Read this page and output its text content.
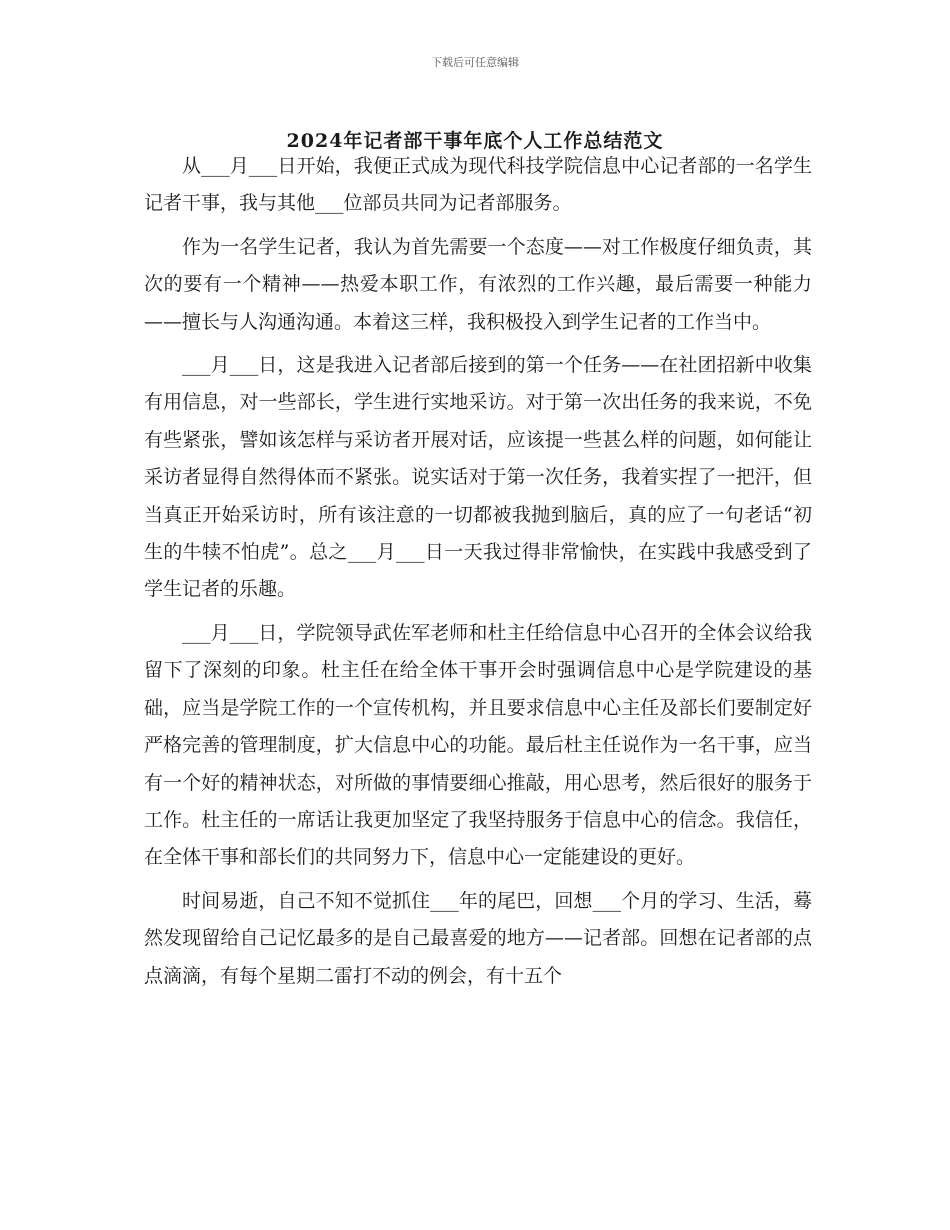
下载后可任意编辑
2024年记者部干事年底个人工作总结范文

从___月___日开始，我便正式成为现代科技学院信息中心记者部的一名学生记者干事，我与其他___位部员共同为记者部服务。

作为一名学生记者，我认为首先需要一个态度——对工作极度仔细负责，其次的要有一个精神——热爱本职工作，有浓烈的工作兴趣，最后需要一种能力——擅长与人沟通沟通。本着这三样，我积极投入到学生记者的工作当中。

___月___日，这是我进入记者部后接到的第一个任务——在社团招新中收集有用信息，对一些部长，学生进行实地采访。对于第一次出任务的我来说，不免有些紧张，譬如该怎样与采访者开展对话，应该提一些甚么样的问题，如何能让采访者显得自然得体而不紧张。说实话对于第一次任务，我着实捏了一把汗，但当真正开始采访时，所有该注意的一切都被我抛到脑后，真的应了一句老话“初生的牛犊不怕虎”。总之___月___日一天我过得非常愉快，在实践中我感受到了学生记者的乐趣。

___月___日，学院领导武佐军老师和杜主任给信息中心召开的全体会议给我留下了深刻的印象。杜主任在给全体干事开会时强调信息中心是学院建设的基础，应当是学院工作的一个宣传机构，并且要求信息中心主任及部长们要制定好严格完善的管理制度，扩大信息中心的功能。最后杜主任说作为一名干事，应当有一个好的精神状态，对所做的事情要细心推敲，用心思考，然后很好的服务于工作。杜主任的一席话让我更加坚定了我坚持服务于信息中心的信念。我信任，在全体干事和部长们的共同努力下，信息中心一定能建设的更好。

时间易逝，自己不知不觉抓住___年的尾巴，回想___个月的学习、生活，蓦然发现留给自己记忆最多的是自己最喜爱的地方——记者部。回想在记者部的点点滴滴，有每个星期二雷打不动的例会，有十五个
